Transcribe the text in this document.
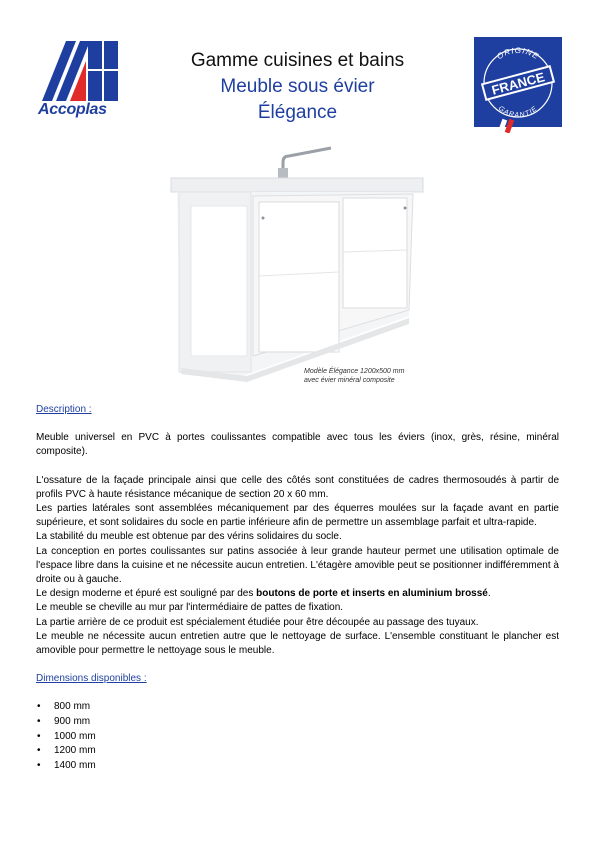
Accoplas
Gamme cuisines et bains
Meuble sous évier
Élégance
ORIGINE
FRANCE
GARANTIE
Modèle Élégance 1200x500 mm
avec évier minéral composite

Description :

Meuble universel en PVC à portes coulissantes compatible avec tous les éviers (inox, grès, résine, minéral composite).

L'ossature de la façade principale ainsi que celle des côtés sont constituées de cadres thermosoudés à partir de profils PVC à haute résistance mécanique de section 20 x 60 mm.

Les parties latérales sont assemblées mécaniquement par des équerres moulées sur la façade avant en partie supérieure, et sont solidaires du socle en partie inférieure afin de permettre un assemblage parfait et ultra-rapide.

La stabilité du meuble est obtenue par des vérins solidaires du socle.

La conception en portes coulissantes sur patins associée à leur grande hauteur permet une utilisation optimale de l'espace libre dans la cuisine et ne nécessite aucun entretien. L'étagère amovible peut se positionner indifféremment à droite ou à gauche.

Le design moderne et épuré est souligné par des boutons de porte et inserts en aluminium brossé.

Le meuble se cheville au mur par l'intermédiaire de pattes de fixation.

La partie arrière de ce produit est spécialement étudiée pour être découpée au passage des tuyaux.

Le meuble ne nécessite aucun entretien autre que le nettoyage de surface. L'ensemble constituant le plancher est amovible pour permettre le nettoyage sous le meuble.

Dimensions disponibles :

• 800 mm
• 900 mm
• 1000 mm
• 1200 mm
• 1400 mm
